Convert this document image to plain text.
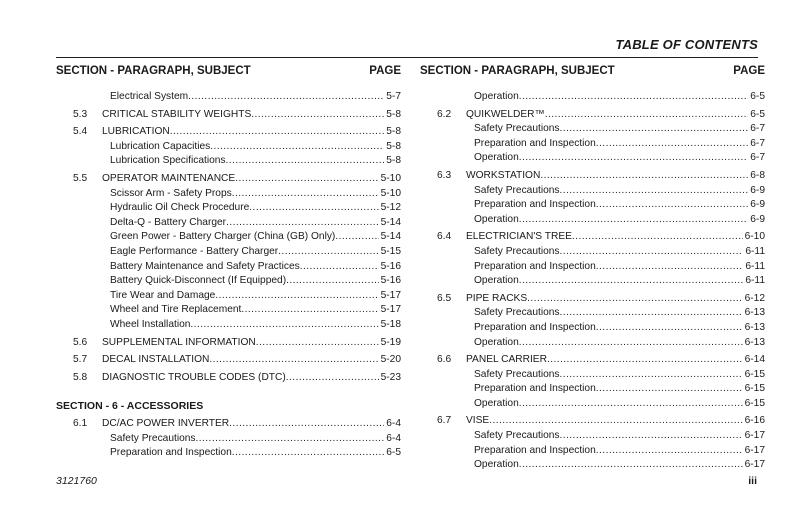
TABLE OF CONTENTS
SECTION - PARAGRAPH, SUBJECT	PAGE
Electrical System . . .	5-7
5.3 CRITICAL STABILITY WEIGHTS . . .	5-8
5.4 LUBRICATION . . .	5-8
Lubrication Capacities . . .	5-8
Lubrication Specifications . . .	5-8
5.5 OPERATOR MAINTENANCE . . .	5-10
Scissor Arm - Safety Props . . .	5-10
Hydraulic Oil Check Procedure . . .	5-12
Delta-Q - Battery Charger . . .	5-14
Green Power - Battery Charger (China (GB) Only) . . .	5-14
Eagle Performance - Battery Charger . . .	5-15
Battery Maintenance and Safety Practices . . .	5-16
Battery Quick-Disconnect (If Equipped) . . .	5-16
Tire Wear and Damage . . .	5-17
Wheel and Tire Replacement . . .	5-17
Wheel Installation . . .	5-18
5.6 SUPPLEMENTAL INFORMATION . . .	5-19
5.7 DECAL INSTALLATION . . .	5-20
5.8 DIAGNOSTIC TROUBLE CODES (DTC) . . .	5-23
SECTION - 6 - ACCESSORIES
6.1 DC/AC POWER INVERTER . . .	6-4
Safety Precautions . . .	6-4
Preparation and Inspection . . .	6-5
SECTION - PARAGRAPH, SUBJECT	PAGE
Operation . . .	6-5
6.2 QUIKWELDER™ . . .	6-5
Safety Precautions . . .	6-7
Preparation and Inspection . . .	6-7
Operation . . .	6-7
6.3 WORKSTATION . . .	6-8
Safety Precautions . . .	6-9
Preparation and Inspection . . .	6-9
Operation . . .	6-9
6.4 ELECTRICIAN'S TREE . . .	6-10
Safety Precautions . . .	6-11
Preparation and Inspection . . .	6-11
Operation . . .	6-11
6.5 PIPE RACKS . . .	6-12
Safety Precautions . . .	6-13
Preparation and Inspection . . .	6-13
Operation . . .	6-13
6.6 PANEL CARRIER . . .	6-14
Safety Precautions . . .	6-15
Preparation and Inspection . . .	6-15
Operation . . .	6-15
6.7 VISE . . .	6-16
Safety Precautions . . .	6-17
Preparation and Inspection . . .	6-17
Operation . . .	6-17
3121760	iii
